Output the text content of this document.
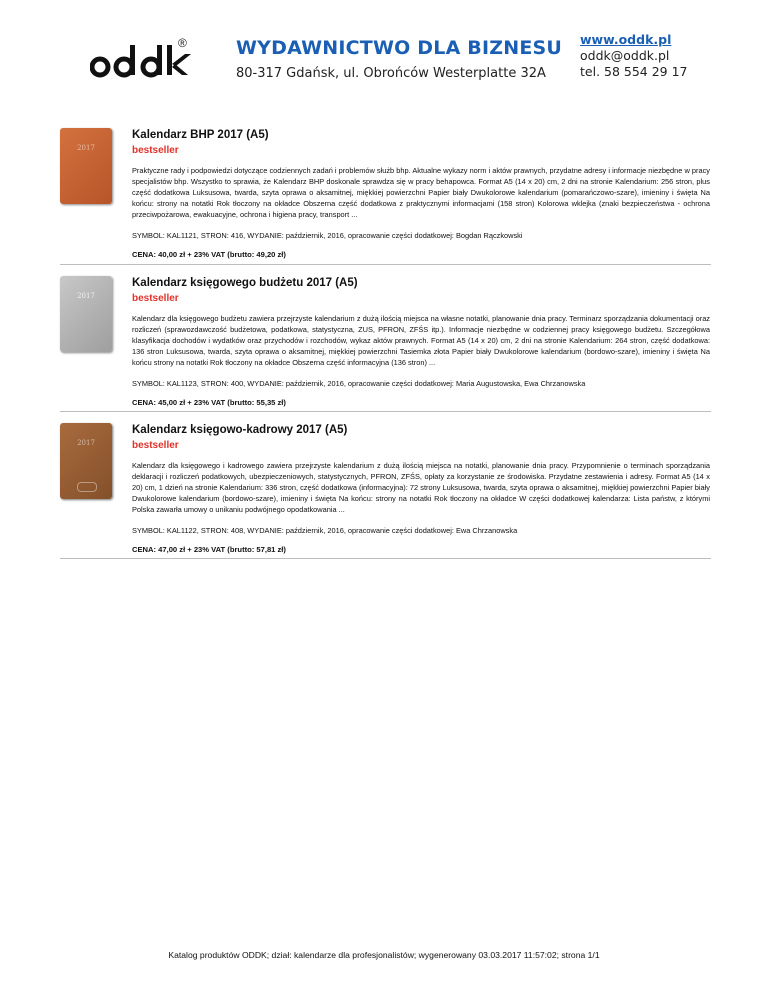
®	WYDAWNICTWO DLA BIZNESU
80-317 Gdańsk, ul. Obrońców Westerplatte 32A
www.oddk.pl
oddk@oddk.pl
tel. 58 554 29 17
2017
Kalendarz BHP 2017 (A5)
bestseller
Praktyczne rady i podpowiedzi dotyczące codziennych zadań i problemów służb bhp. Aktualne wykazy norm i aktów prawnych, przydatne adresy i informacje niezbędne w pracy specjalistów bhp. Wszystko to sprawia, że Kalendarz BHP doskonale sprawdza się w pracy behapowca. Format A5 (14 x 20) cm, 2 dni na stronie Kalendarium: 256 stron, plus część dodatkowa Luksusowa, twarda, szyta oprawa o aksamitnej, miękkiej powierzchni Papier biały Dwukolorowe kalendarium (pomarańczowo-szare), imieniny i święta Na końcu: strony na notatki Rok tłoczony na okładce Obszerna część dodatkowa z praktycznymi informacjami (158 stron) Kolorowa wklejka (znaki bezpieczeństwa - ochrona przeciwpożarowa, ewakuacyjne, ochrona i higiena pracy, transport ...
SYMBOL: KAL1121, STRON: 416, WYDANIE: październik, 2016, opracowanie części dodatkowej: Bogdan Rączkowski
CENA: 40,00 zł + 23% VAT (brutto: 49,20 zł)
2017
Kalendarz księgowego budżetu 2017 (A5)
bestseller
Kalendarz dla księgowego budżetu zawiera przejrzyste kalendarium z dużą ilością miejsca na własne notatki, planowanie dnia pracy. Terminarz sporządzania dokumentacji oraz rozliczeń (sprawozdawczość budżetowa, podatkowa, statystyczna, ZUS, PFRON, ZFŚS itp.). Informacje niezbędne w codziennej pracy księgowego budżetu. Szczegółowa klasyfikacja dochodów i wydatków oraz przychodów i rozchodów, wykaz aktów prawnych. Format A5 (14 x 20) cm, 2 dni na stronie Kalendarium: 264 stron, część dodatkowa: 136 stron Luksusowa, twarda, szyta oprawa o aksamitnej, miękkiej powierzchni Tasiemka złota Papier biały Dwukolorowe kalendarium (bordowo-szare), imieniny i święta Na końcu strony na notatki Rok tłoczony na okładce Obszerna część informacyjna (136 stron) ...
SYMBOL: KAL1123, STRON: 400, WYDANIE: październik, 2016, opracowanie części dodatkowej: Maria Augustowska, Ewa Chrzanowska
CENA: 45,00 zł + 23% VAT (brutto: 55,35 zł)
2017
Kalendarz księgowo-kadrowy 2017 (A5)
bestseller
Kalendarz dla księgowego i kadrowego zawiera przejrzyste kalendarium z dużą ilością miejsca na notatki, planowanie dnia pracy. Przypomnienie o terminach sporządzania deklaracji i rozliczeń podatkowych, ubezpieczeniowych, statystycznych, PFRON, ZFŚS, opłaty za korzystanie ze środowiska. Przydatne zestawienia i adresy. Format A5 (14 x 20) cm, 1 dzień na stronie Kalendarium: 336 stron, część dodatkowa (informacyjna): 72 strony Luksusowa, twarda, szyta oprawa o aksamitnej, miękkiej powierzchni Papier biały Dwukolorowe kalendarium (bordowo-szare), imieniny i święta Na końcu: strony na notatki Rok tłoczony na okładce W części dodatkowej kalendarza: Lista państw, z którymi Polska zawarła umowy o unikaniu podwójnego opodatkowania ...
SYMBOL: KAL1122, STRON: 408, WYDANIE: październik, 2016, opracowanie części dodatkowej: Ewa Chrzanowska
CENA: 47,00 zł + 23% VAT (brutto: 57,81 zł)
Katalog produktów ODDK; dział: kalendarze dla profesjonalistów; wygenerowany 03.03.2017 11:57:02; strona 1/1
